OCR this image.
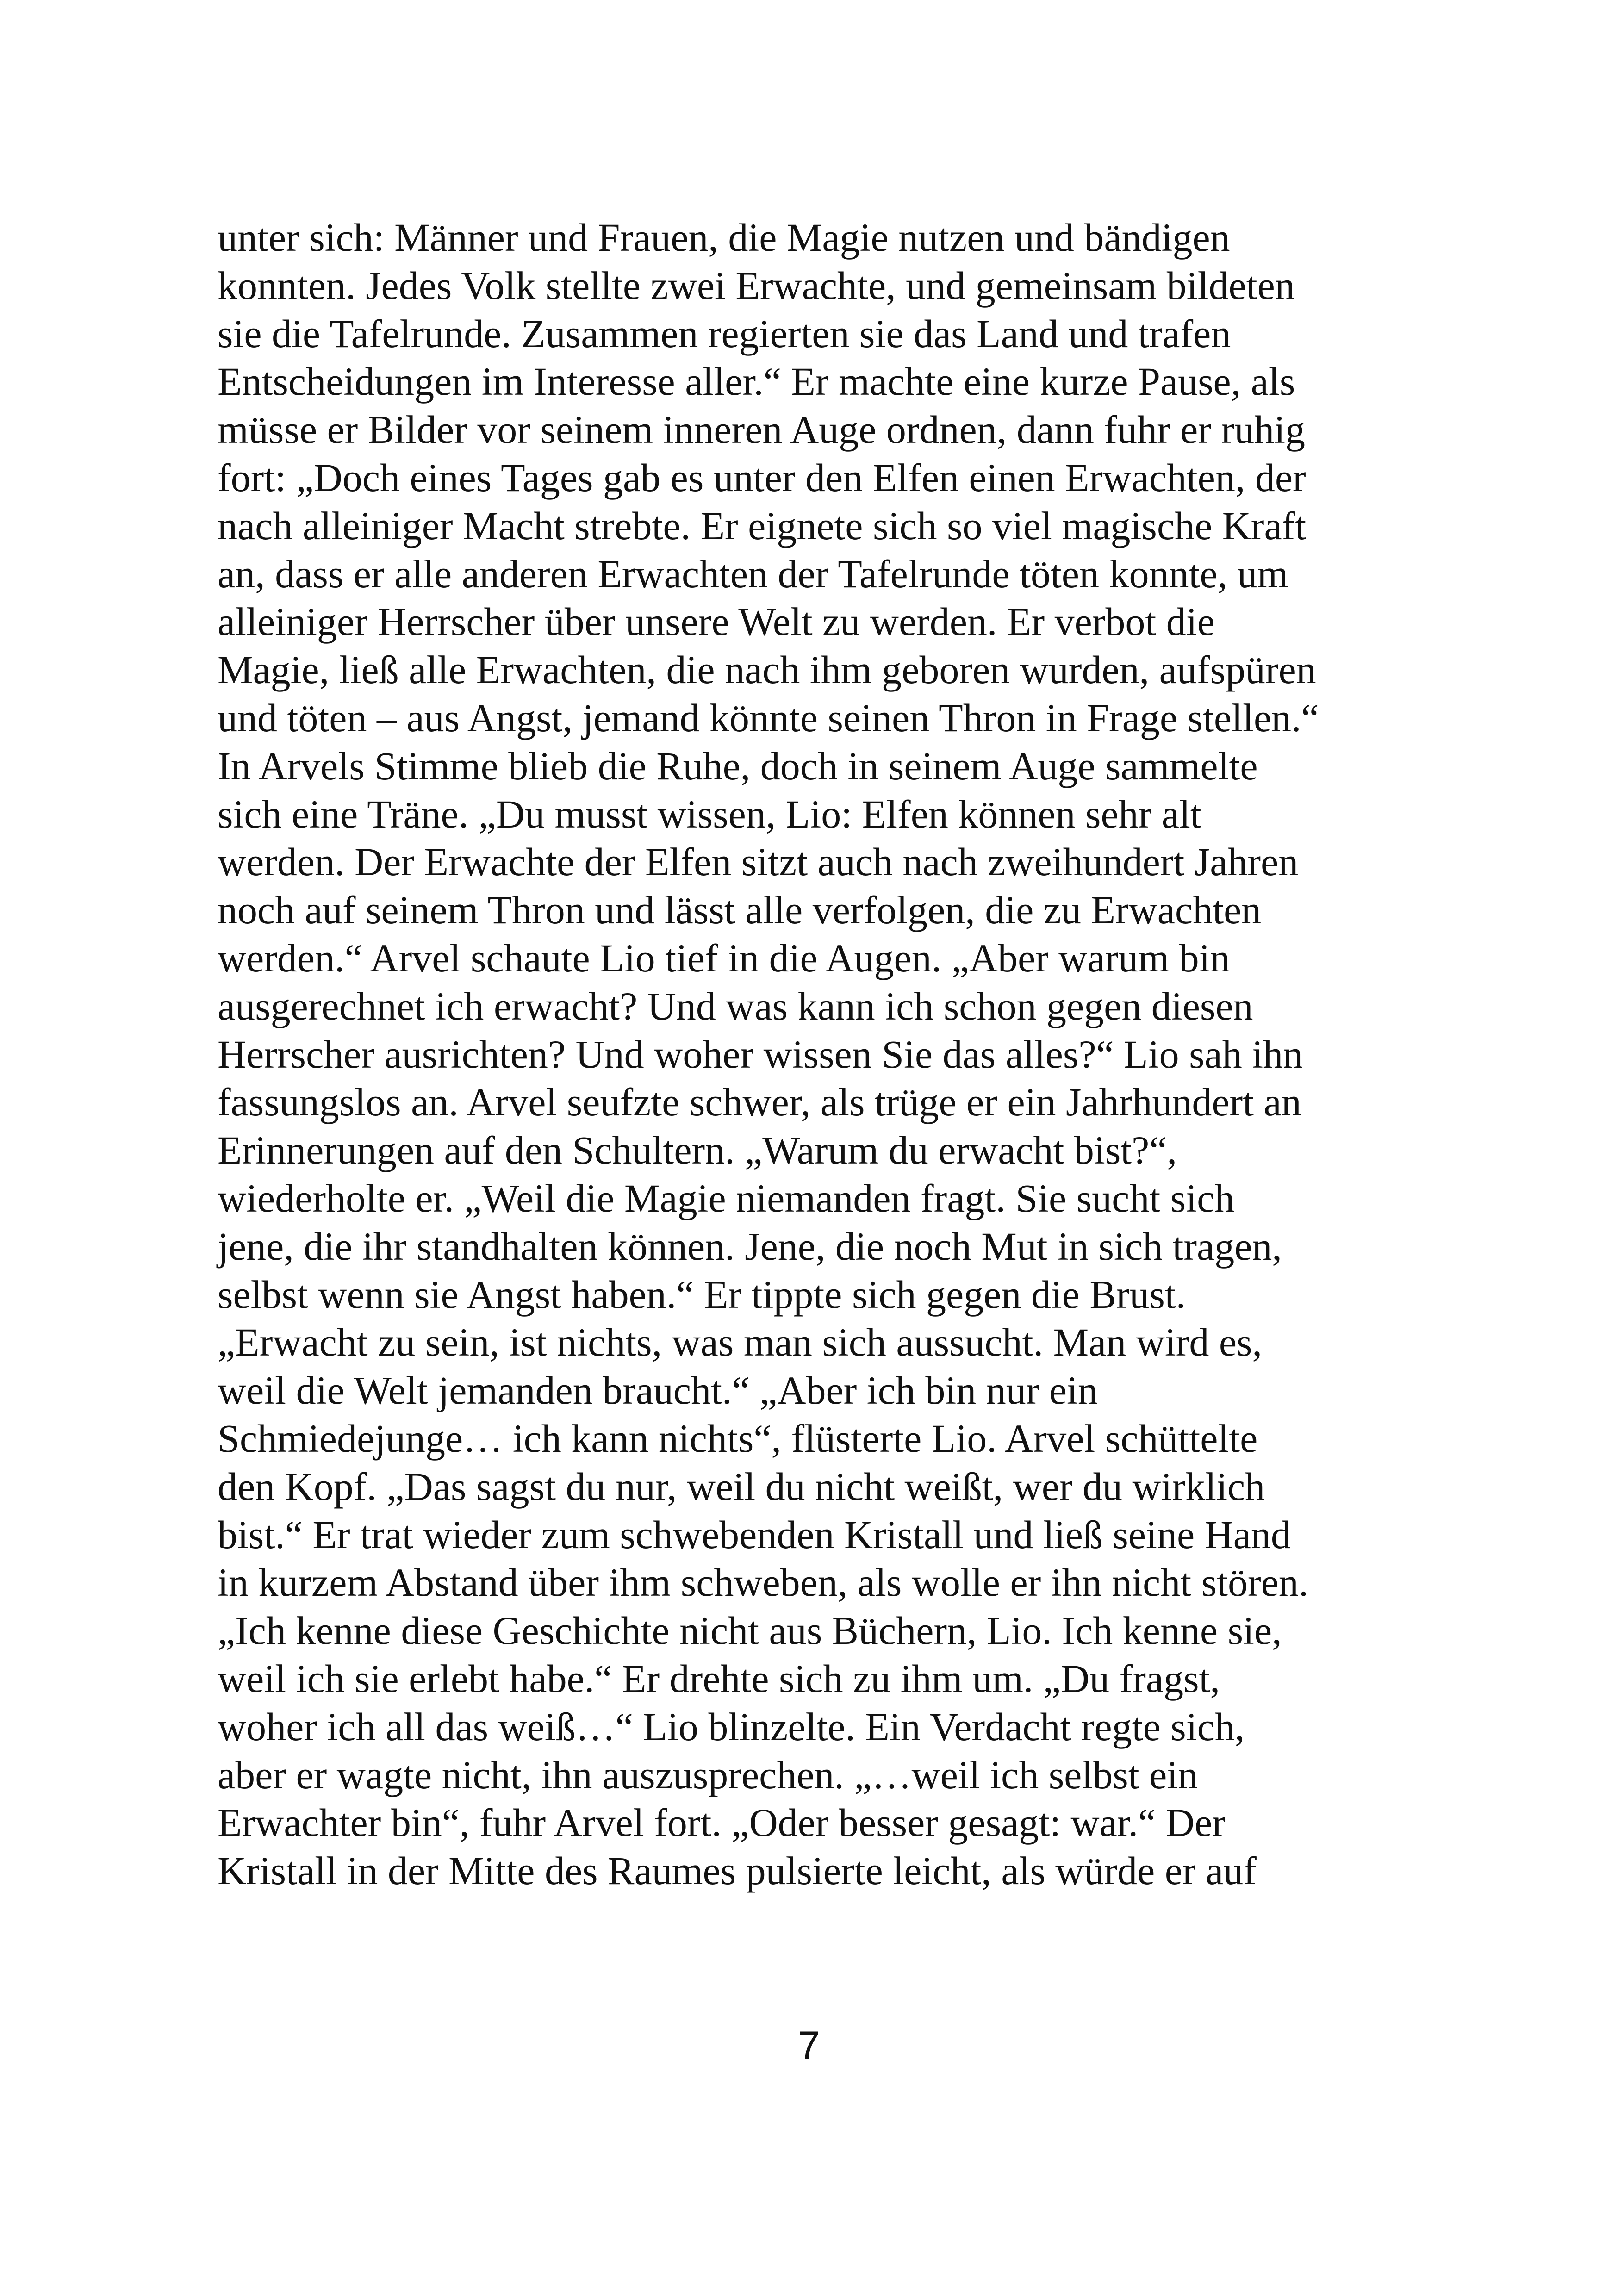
unter sich: Männer und Frauen, die Magie nutzen und bändigen
konnten. Jedes Volk stellte zwei Erwachte, und gemeinsam bildeten
sie die Tafelrunde. Zusammen regierten sie das Land und trafen
Entscheidungen im Interesse aller.“ Er machte eine kurze Pause, als
müsse er Bilder vor seinem inneren Auge ordnen, dann fuhr er ruhig
fort: „Doch eines Tages gab es unter den Elfen einen Erwachten, der
nach alleiniger Macht strebte. Er eignete sich so viel magische Kraft
an, dass er alle anderen Erwachten der Tafelrunde töten konnte, um
alleiniger Herrscher über unsere Welt zu werden. Er verbot die
Magie, ließ alle Erwachten, die nach ihm geboren wurden, aufspüren
und töten – aus Angst, jemand könnte seinen Thron in Frage stellen.“
In Arvels Stimme blieb die Ruhe, doch in seinem Auge sammelte
sich eine Träne. „Du musst wissen, Lio: Elfen können sehr alt
werden. Der Erwachte der Elfen sitzt auch nach zweihundert Jahren
noch auf seinem Thron und lässt alle verfolgen, die zu Erwachten
werden.“ Arvel schaute Lio tief in die Augen. „Aber warum bin
ausgerechnet ich erwacht? Und was kann ich schon gegen diesen
Herrscher ausrichten? Und woher wissen Sie das alles?“ Lio sah ihn
fassungslos an. Arvel seufzte schwer, als trüge er ein Jahrhundert an
Erinnerungen auf den Schultern. „Warum du erwacht bist?“,
wiederholte er. „Weil die Magie niemanden fragt. Sie sucht sich
jene, die ihr standhalten können. Jene, die noch Mut in sich tragen,
selbst wenn sie Angst haben.“ Er tippte sich gegen die Brust.
„Erwacht zu sein, ist nichts, was man sich aussucht. Man wird es,
weil die Welt jemanden braucht.“ „Aber ich bin nur ein
Schmiedejunge… ich kann nichts“, flüsterte Lio. Arvel schüttelte
den Kopf. „Das sagst du nur, weil du nicht weißt, wer du wirklich
bist.“ Er trat wieder zum schwebenden Kristall und ließ seine Hand
in kurzem Abstand über ihm schweben, als wolle er ihn nicht stören.
„Ich kenne diese Geschichte nicht aus Büchern, Lio. Ich kenne sie,
weil ich sie erlebt habe.“ Er drehte sich zu ihm um. „Du fragst,
woher ich all das weiß…“ Lio blinzelte. Ein Verdacht regte sich,
aber er wagte nicht, ihn auszusprechen. „…weil ich selbst ein
Erwachter bin“, fuhr Arvel fort. „Oder besser gesagt: war.“ Der
Kristall in der Mitte des Raumes pulsierte leicht, als würde er auf
7
